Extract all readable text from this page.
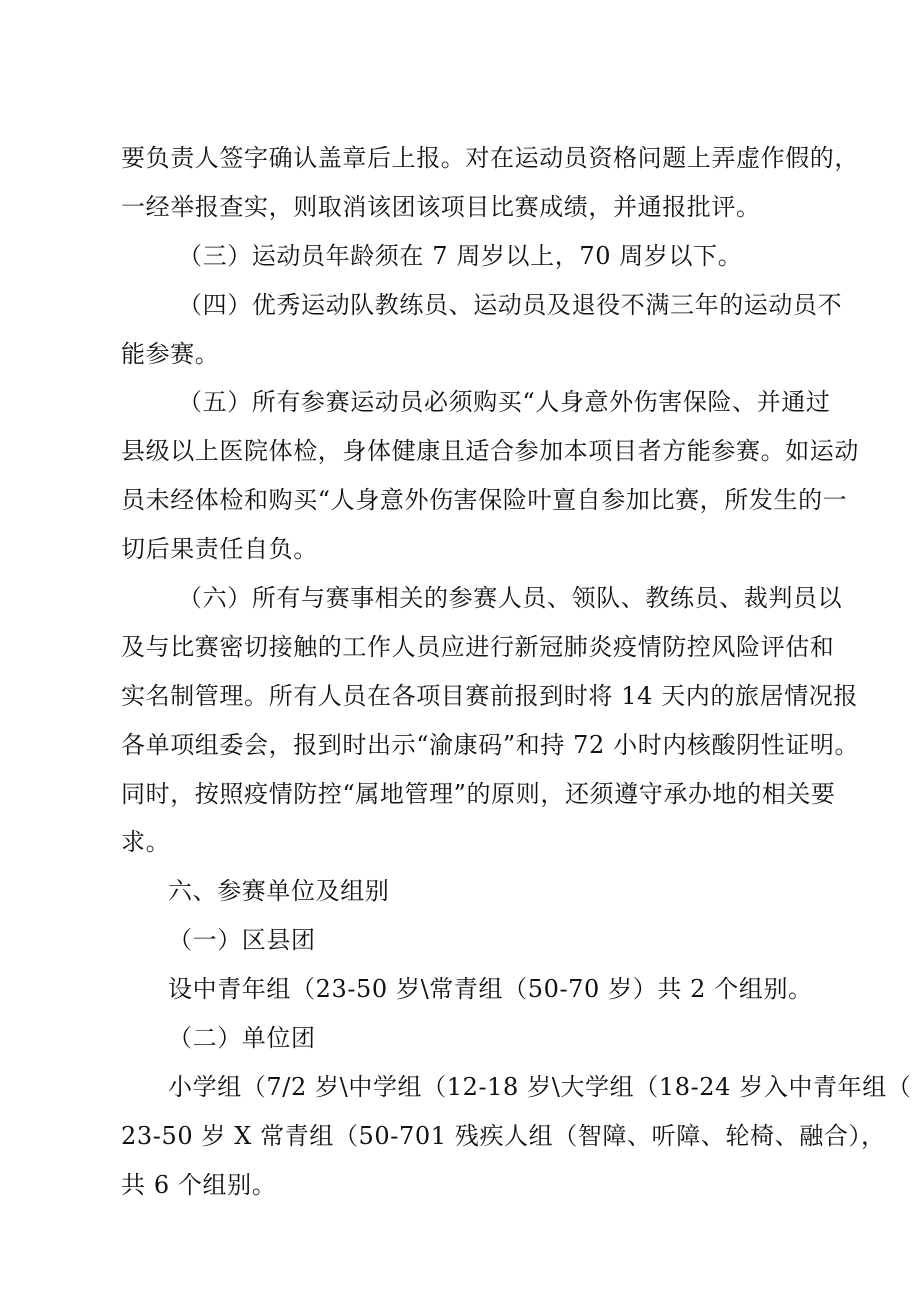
要负责人签字确认盖章后上报。对在运动员资格问题上弄虚作假的，
一经举报查实，则取消该团该项目比赛成绩，并通报批评。
（三）运动员年龄须在 7 周岁以上，70 周岁以下。
（四）优秀运动队教练员、运动员及退役不满三年的运动员不
能参赛。
（五）所有参赛运动员必须购买“人身意外伤害保险、并通过
县级以上医院体检，身体健康且适合参加本项目者方能参赛。如运动
员未经体检和购买“人身意外伤害保险叶亶自参加比赛，所发生的一
切后果责任自负。
（六）所有与赛事相关的参赛人员、领队、教练员、裁判员以
及与比赛密切接触的工作人员应进行新冠肺炎疫情防控风险评估和
实名制管理。所有人员在各项目赛前报到时将 14 天内的旅居情况报
各单项组委会，报到时出示“渝康码”和持 72 小时内核酸阴性证明。
同时，按照疫情防控“属地管理”的原则，还须遵守承办地的相关要
求。
六、参赛单位及组别
（一）区县团
设中青年组（23-50 岁\常青组（50-70 岁）共 2 个组别。
（二）单位团
小学组（7/2 岁\中学组（12-18 岁\大学组（18-24 岁入中青年组（
23-50 岁 X 常青组（50-701 残疾人组（智障、听障、轮椅、融合），
共 6 个组别。
